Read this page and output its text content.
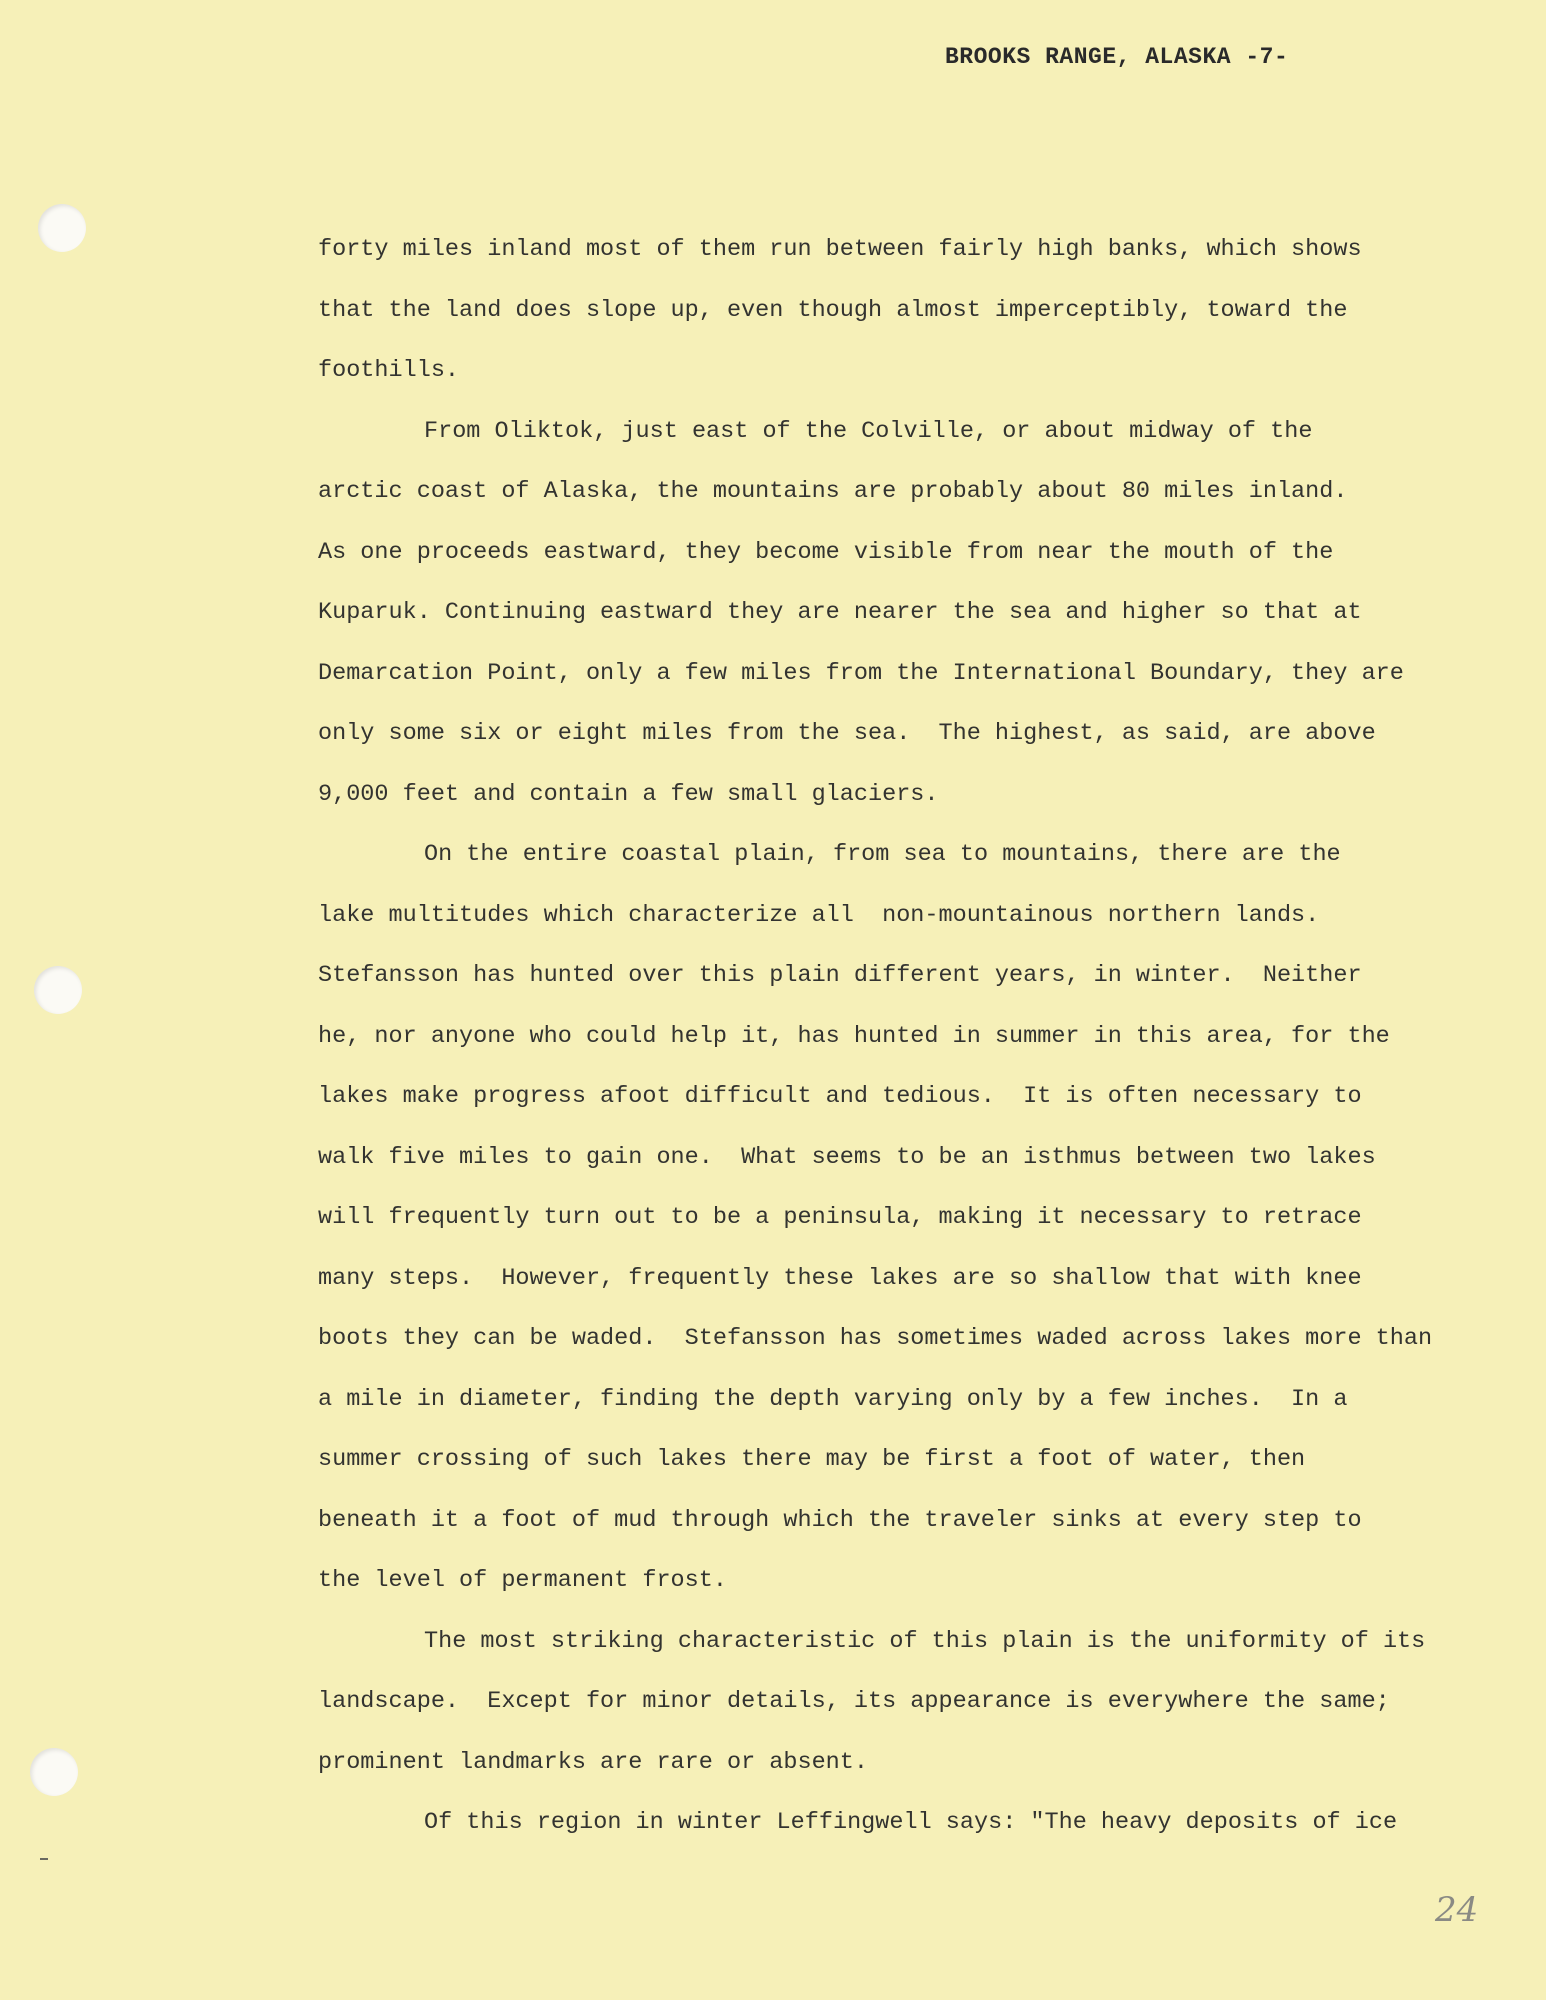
BROOKS RANGE, ALASKA -7-
forty miles inland most of them run between fairly high banks, which shows
that the land does slope up, even though almost imperceptibly, toward the
foothills.
From Oliktok, just east of the Colville, or about midway of the
arctic coast of Alaska, the mountains are probably about 80 miles inland.
As one proceeds eastward, they become visible from near the mouth of the
Kuparuk. Continuing eastward they are nearer the sea and higher so that at
Demarcation Point, only a few miles from the International Boundary, they are
only some six or eight miles from the sea.  The highest, as said, are above
9,000 feet and contain a few small glaciers.
On the entire coastal plain, from sea to mountains, there are the
lake multitudes which characterize all  non-mountainous northern lands.
Stefansson has hunted over this plain different years, in winter.  Neither
he, nor anyone who could help it, has hunted in summer in this area, for the
lakes make progress afoot difficult and tedious.  It is often necessary to
walk five miles to gain one.  What seems to be an isthmus between two lakes
will frequently turn out to be a peninsula, making it necessary to retrace
many steps.  However, frequently these lakes are so shallow that with knee
boots they can be waded.  Stefansson has sometimes waded across lakes more than
a mile in diameter, finding the depth varying only by a few inches.  In a
summer crossing of such lakes there may be first a foot of water, then
beneath it a foot of mud through which the traveler sinks at every step to
the level of permanent frost.
The most striking characteristic of this plain is the uniformity of its
landscape.  Except for minor details, its appearance is everywhere the same;
prominent landmarks are rare or absent.
Of this region in winter Leffingwell says: "The heavy deposits of ice
24
